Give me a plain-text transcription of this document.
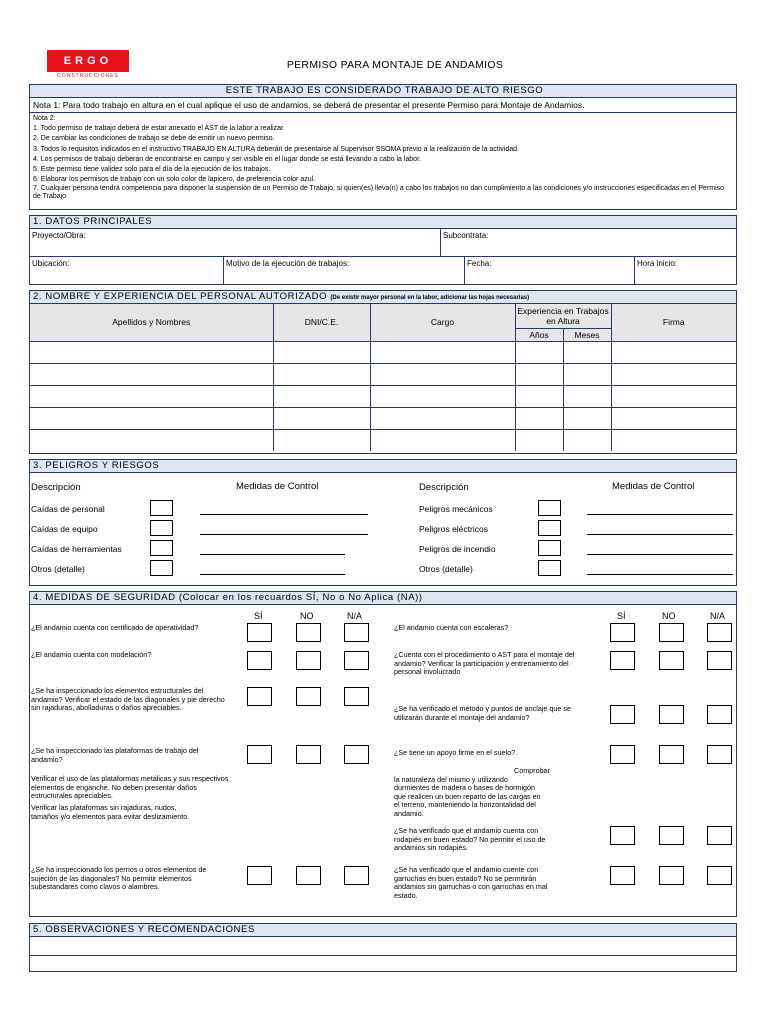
ERGO
CONSTRUCCIONES
PERMISO PARA MONTAJE DE ANDAMIOS
ESTE TRABAJO ES CONSIDERADO TRABAJO DE ALTO RIESGO
Nota 1: Para todo trabajo en altura en el cual aplique el uso de andamios, se deberá de presentar el presente Permiso para Montaje de Andamios.
Nota 2:
1. Todo permiso de trabajo deberá de estar anexado el AST de la labor a realizar.
2. De cambiar las condiciones de trabajo se debe de emitir un nuevo permiso.
3. Todos lo requisitos indicados en el instructivo TRABAJO EN ALTURA deberán de presentarse al Supervisor SSOMA previo a la realización de la actividad.
4. Los permisos de trabajo deberán de encontrarse en campo y ser visible en el lugar donde se está llevando a cabo la labor.
5. Este permiso tiene validez solo para el día de la ejecución de los trabajos.
6. Elaborar los permisos de trabajo con un solo color de lapicero, de preferencia color azul.
7. Cualquier persona tendrá competencia para disponer la suspensión de un Permiso de Trabajo, si quien(es) lleva(n) a cabo los trabajos no dan cumplimiento a las condiciones y/o instrucciones especificadas en el Permiso de Trabajo
1. DATOS PRINCIPALES
Proyecto/Obra:	Subcontrata:
Ubicación:	Motivo de la ejecución de trabajos:	Fecha:	Hora inicio:
2. NOMBRE Y EXPERIENCIA DEL PERSONAL AUTORIZADO (De existir mayor personal en la labor, adicionar las hojas necesarias)
Apellidos y Nombres	DNI/C.E.	Cargo	Experiencia en Trabajos en Altura		Firma
			Años	Meses	

3. PELIGROS Y RIESGOS
Descripción	Medidas de Control	Descripción	Medidas de Control
Caídas de personal
Caídas de equipo
Caídas de herramientas
Otros (detalle)
Peligros mecánicos
Peligros eléctricos
Peligros de incendio
Otros (detalle)
4. MEDIDAS DE SEGURIDAD (Colocar en los recuardos SÍ, No o No Aplica (NA))
SÍ	NO	N/A	SÍ	NO	N/A
¿El andamio cuenta con certificado de operatividad?
¿El andamio cuenta con modelación?
¿Se ha inspeccionado los elementos estructurales del andamio? Verificar el estado de las diagonales y pie derecho sin rajaduras, abolladuras o daños apreciables.
¿Se ha inspeccionado las plataformas de trabajo del andamio?
Verificar el uso de las plataformas metálicas y sus respectivos elementos de enganche. No deben presentar daños estructurales apreciables.
Verificar las plataformas sin rajaduras, nudos, tamaños y/o elementos para evitar deslizamiento.
¿Se ha inspeccionado los pernos u otros elementos de sujeción de las diagonales? No permitir elementos subestandares como clavos o alambres.
¿El andamio cuenta con escaleras?
¿Cuenta con el procedimiento o AST para el montaje del andamio? Verificar la participación y entrenamiento del personal involucrado
¿Se ha verificado el método y puntos de anclaje que se utilizarán durante el montaje del andamio?
¿Se tiene un apoyo firme en el suelo?.
Comprobar la naturaleza del mismo y utilizando durmientes de madera o bases de hormigón que realicen un buen reparto de las cargas en el terreno, manteniendo la horizontalidad del andamio.
¿Se ha verificado que el andamio cuenta con rodapiés en buen estado? No permitir el uso de andamios sin rodapiés.
¿Se ha verificado que el andamio cuente con garruchas en buen estado? No se permitirán andamios sin garruchas o con garruchas en mal estado.
5. OBSERVACIONES Y RECOMENDACIONES
